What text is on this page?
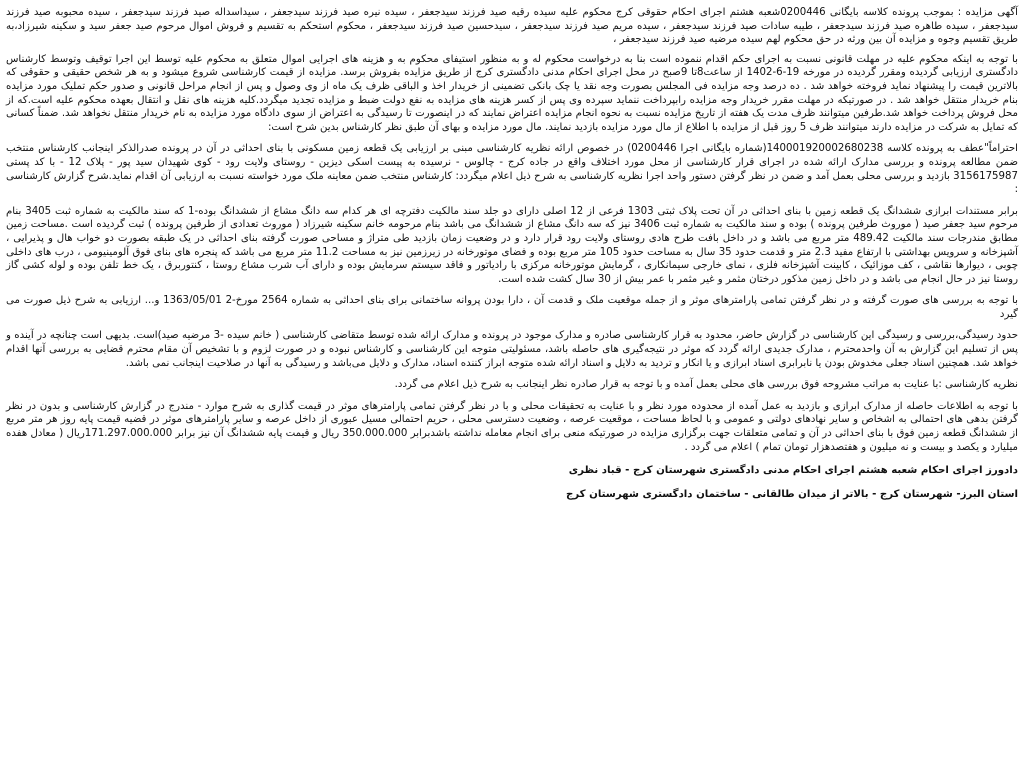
آگهی مزایده : بموجب پرونده کلاسه بایگانی 0200446شعبه هشتم اجرای احکام حقوقی کرج محکوم علیه سیده رقیه صید فرزند سیدجعفر ، سیده نیره صید فرزند سیدجعفر ، سیداسداله صید فرزند سیدجعفر ، سیده محبوبه صید فرزند سیدجعفر ، سیده طاهره صید فرزند سیدجعفر ، طیبه سادات صید فرزند سیدجعفر ، سیده مریم صید فرزند سیدجعفر ، سیدحسین صید فرزند سیدجعفر ، محکوم استحکم به تقسیم و فروش اموال مرحوم صید جعفر سید و سکینه شیرزاد،به طریق تقسیم وجوه و مزایده آن بین ورثه در حق محکوم لهم سیده مرضیه صید فرزند سیدجعفر ،

با توجه به اینکه محکوم علیه در مهلت قانونی نسبت به اجرای حکم اقدام ننموده است بنا به درخواست محکوم له و به منظور استیفای محکوم به و هزینه های اجرایی اموال متعلق به محکوم علیه توسط این اجرا توقیف وتوسط کارشناس دادگستری ارزیابی گردیده ومقرر گردیده در مورخه 19-6-1402 از ساعت8تا 9صبح در محل اجرای احکام مدنی دادگستری کرج از طریق مزایده بفروش برسد. مزایده از قیمت کارشناسی شروع میشود و به هر شخص حقیقی و حقوقی که بالاترین قیمت را پیشنهاد نماید فروخته خواهد شد . ده درصد وجه مزایده فی المجلس بصورت وجه نقد یا چک بانکی تضمینی از خریدار اخذ و الباقی ظرف یک ماه از وی وصول و پس از انجام مراحل قانونی و صدور حکم تملیک مورد مزایده بنام خریدار منتقل خواهد شد . در صورتیکه در مهلت مقرر خریدار وجه مزایده رابپرداخت ننماید سپرده وی پس از کسر هزینه های مزایده به نفع دولت ضبط و مزایده تجدید میگردد.کلیه هزینه های نقل و انتقال بعهده محکوم علیه است.که از محل فروش پرداخت خواهد شد.طرفین میتوانند ظرف مدت یک هفته از تاریخ مزایده نسبت به نحوه انجام مزایده اعتراض نمایند که در اینصورت تا رسیدگی به اعتراض از سوی دادگاه مورد مزایده به نام خریدار منتقل نخواهد شد. ضمناً کسانی که تمایل به شرکت در مزایده دارند میتوانند ظرف 5 روز قبل از مزایده با اطلاع از مال مورد مزایده بازدید نمایند. مال مورد مزایده و بهای آن طبق نظر کارشناس بدین شرح است:

احتراماً"عطف به پرونده کلاسه 140001920002680238(شماره بایگانی اجرا 0200446) در خصوص ارائه نظریه کارشناسی مبنی بر ارزیابی یک قطعه زمین مسکونی با بنای احداثی در آن در پرونده صدرالذکر اینجانب کارشناس منتخب ضمن مطالعه پرونده و بررسی مدارک ارائه شده در اجرای قرار کارشناسی از محل مورد اختلاف واقع در جاده کرج - چالوس - نرسیده به پیست اسکی دیزین - روستای ولایت رود - کوی شهیدان سید پور - پلاک 12 - با کد پستی 3156175987 بازدید و بررسی محلی بعمل آمد و ضمن در نظر گرفتن دستور واحد اجرا نظریه کارشناسی به شرح ذیل اعلام میگردد: کارشناس منتخب ضمن معاینه ملک مورد خواسته نسبت به ارزیابی آن اقدام نماید.شرح گزارش کارشناسی :

برابر مستندات ابرازی ششدانگ یک قطعه زمین با بنای احداثی در آن تحت پلاک ثبتی 1303 فرعی از 12 اصلی دارای دو جلد سند مالکیت دفترچه ای هر کدام سه دانگ مشاع از ششدانگ بوده-1 که سند مالکیت به شماره ثبت 3405 بنام مرحوم سید جعفر صید ( موروث طرفین پرونده ) بوده و سند مالکیت به شماره ثبت 3406 نیز که سه دانگ مشاع از ششدانگ می باشد بنام مرحومه خانم سکینه شیرزاد ( موروث تعدادی از طرفین پرونده ) ثبت گردیده است .مساحت زمین مطابق مندرجات سند مالکیت 489.42 متر مربع می باشد و در داخل بافت طرح هادی روستای ولایت رود قرار دارد و در وضعیت زمان بازدید طی متراژ و مساحی صورت گرفته بنای احداثی در یک طبقه بصورت دو خواب هال و پذیرایی ، آشپزخانه و سرویس بهداشتی با ارتفاع مفید 2.3 متر و قدمت حدود 35 سال به مساحت حدود 105 متر مربع بوده و فضای موتورخانه در زیرزمین نیز به مساحت 11.2 متر مربع می باشد که پنجره های بنای فوق آلومینیومی ، درب های داخلی چوبی ، دیوارها نقاشی ، کف موزائیک ، کابینت آشپزخانه فلزی ، نمای خارجی سیمانکاری ، گرمایش موتورخانه مرکزی با رادیاتور و فاقد سیستم سرمایش بوده و دارای آب شرب مشاع روستا ، کنتوربرق ، یک خط تلفن بوده و لوله کشی گاز روستا نیز در حال انجام می باشد و در داخل زمین مذکور درختان مثمر و غیر مثمر با عمر بیش از 30 سال کشت شده است.

با توجه به بررسی های صورت گرفته و در نظر گرفتن تمامی پارامترهای موثر و از جمله موقعیت ملک و قدمت آن ، دارا بودن پروانه ساختمانی برای بنای احداثی به شماره 2564 مورخ-2 1363/05/01 و... ارزیابی به شرح ذیل صورت می گیرد

حدود رسیدگی،بررسی و رسیدگی این کارشناسی در گزارش حاضر، محدود به قرار کارشناسی صادره و مدارک موجود در پرونده و مدارک ارائه شده توسط متقاضی کارشناسی ( خانم سیده -3 مرضیه صید)است. بدیهی است چنانچه در آینده و پس از تسلیم این گزارش به آن واحدمحترم ، مدارک جدیدی ارائه گردد که موثر در نتیجه‌گیری های حاصله باشد، مسئولیتی متوجه این کارشناسی و کارشناس نبوده و در صورت لزوم و با تشخیص آن مقام محترم قضایی به بررسی آنها اقدام خواهد شد. همچنین اسناد جعلی مخدوش بودن یا نابرابری اسناد ابرازی و یا انکار و تردید به دلایل و اسناد ارائه شده متوجه ابراز کننده اسناد، مدارک و دلایل می‌باشد و رسیدگی به آنها در صلاحیت اینجانب نمی باشد.

نظریه کارشناسی :با عنایت به مراتب مشروحه فوق بررسی های محلی بعمل آمده و با توجه به قرار صادره نظر اینجانب به شرح ذیل اعلام می گردد.

با توجه به اطلاعات حاصله از مدارک ابرازی و بازدید به عمل آمده از محدوده مورد نظر و با عنایت به تحقیقات محلی و با در نظر گرفتن تمامی پارامترهای موثر در قیمت گذاری به شرح موارد - مندرج در گزارش کارشناسی و بدون در نظر گرفتن بدهی های احتمالی به اشخاص و سایر نهادهای دولتی و عمومی و با لحاظ مساحت ، موقعیت عرصه ، وضعیت دسترسی محلی ، حریم احتمالی مسیل عبوری از داخل عرصه و سایر پارامترهای موثر در قضیه قیمت پایه روز هر متر مربع از ششدانگ قطعه زمین فوق با بنای احداثی در آن و تمامی متعلقات جهت برگزاری مزایده در صورتیکه منعی برای انجام معامله نداشته باشدبرابر 350.000.000 ریال و قیمت پایه ششدانگ آن نیز برابر 171.297.000.000ریال ( معادل هفده میلیارد و یکصد و بیست و نه میلیون و هفتصدهزار تومان تمام ) اعلام می گردد .

دادورز اجرای احکام شعبه هشتم اجرای احکام مدنی دادگستری شهرستان کرج - قباد نظری

استان البرز- شهرستان کرج - بالاتر از میدان طالقانی - ساختمان دادگستری شهرستان کرج
